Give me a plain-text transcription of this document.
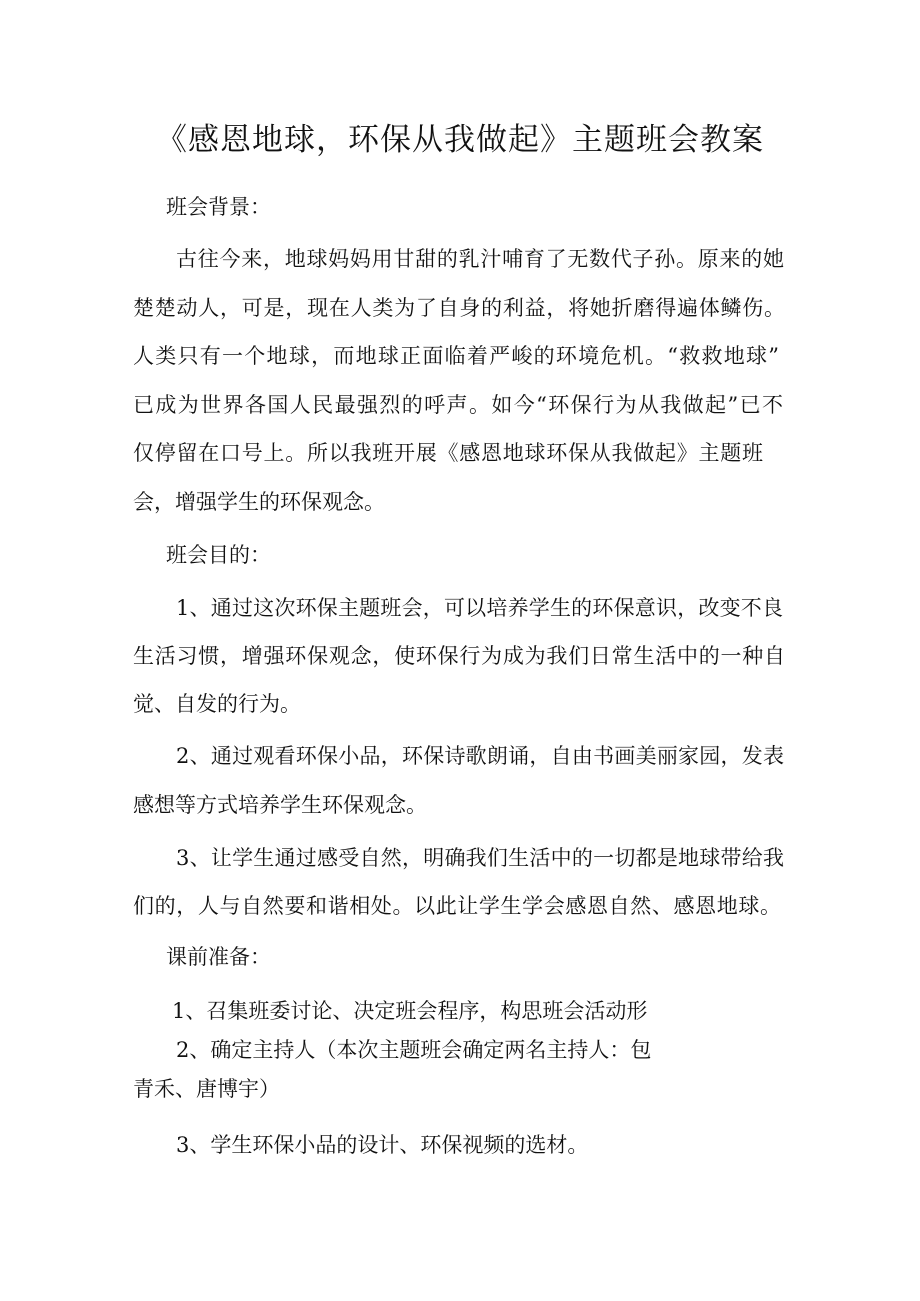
《感恩地球，环保从我做起》主题班会教案
班会背景：
古往今来，地球妈妈用甘甜的乳汁哺育了无数代子孙。原来的她
楚楚动人，可是，现在人类为了自身的利益，将她折磨得遍体鳞伤。
人类只有一个地球，而地球正面临着严峻的环境危机。“救救地球”
已成为世界各国人民最强烈的呼声。如今“环保行为从我做起”已不
仅停留在口号上。所以我班开展《感恩地球环保从我做起》主题班
会，增强学生的环保观念。
班会目的：
1、通过这次环保主题班会，可以培养学生的环保意识，改变不良
生活习惯，增强环保观念，使环保行为成为我们日常生活中的一种自
觉、自发的行为。
2、通过观看环保小品，环保诗歌朗诵，自由书画美丽家园，发表
感想等方式培养学生环保观念。
3、让学生通过感受自然，明确我们生活中的一切都是地球带给我
们的，人与自然要和谐相处。以此让学生学会感恩自然、感恩地球。
课前准备：
1、召集班委讨论、决定班会程序，构思班会活动形
2、确定主持人（本次主题班会确定两名主持人：包
青禾、唐博宇）
3、学生环保小品的设计、环保视频的选材。
